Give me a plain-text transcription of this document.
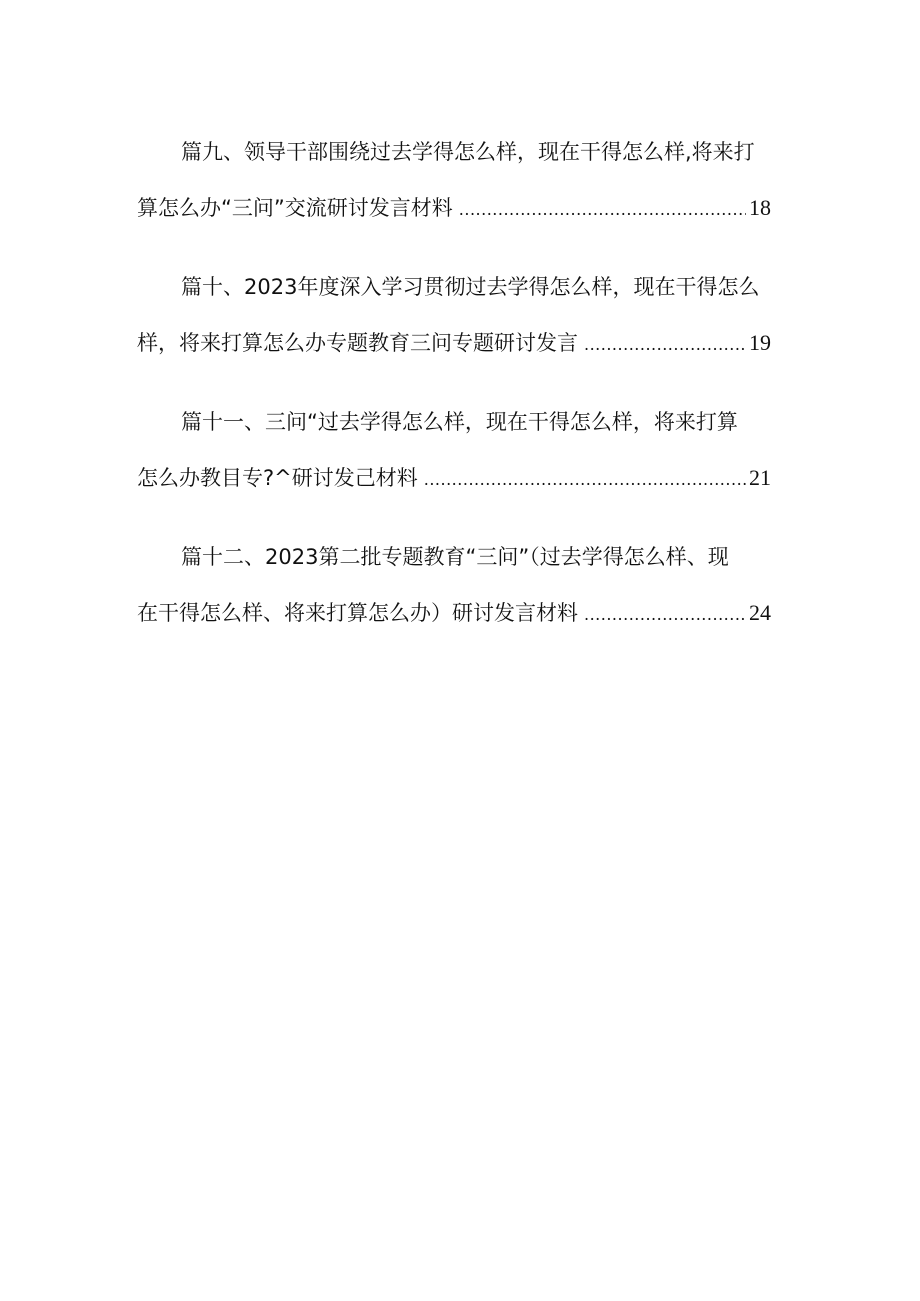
篇九、领导干部围绕过去学得怎么样，现在干得怎么样,将来打
算怎么办“三问”交流研讨发言材料 .....	18
篇十、2023年度深入学习贯彻过去学得怎么样，现在干得怎么
样，将来打算怎么办专题教育三问专题研讨发言 .....	19
篇十一、三问“过去学得怎么样，现在干得怎么样，将来打算
怎么办教目专?^研讨发己材料 .....	21
篇十二、2023第二批专题教育“三问”（过去学得怎么样、现
在干得怎么样、将来打算怎么办）研讨发言材料 .....	24
